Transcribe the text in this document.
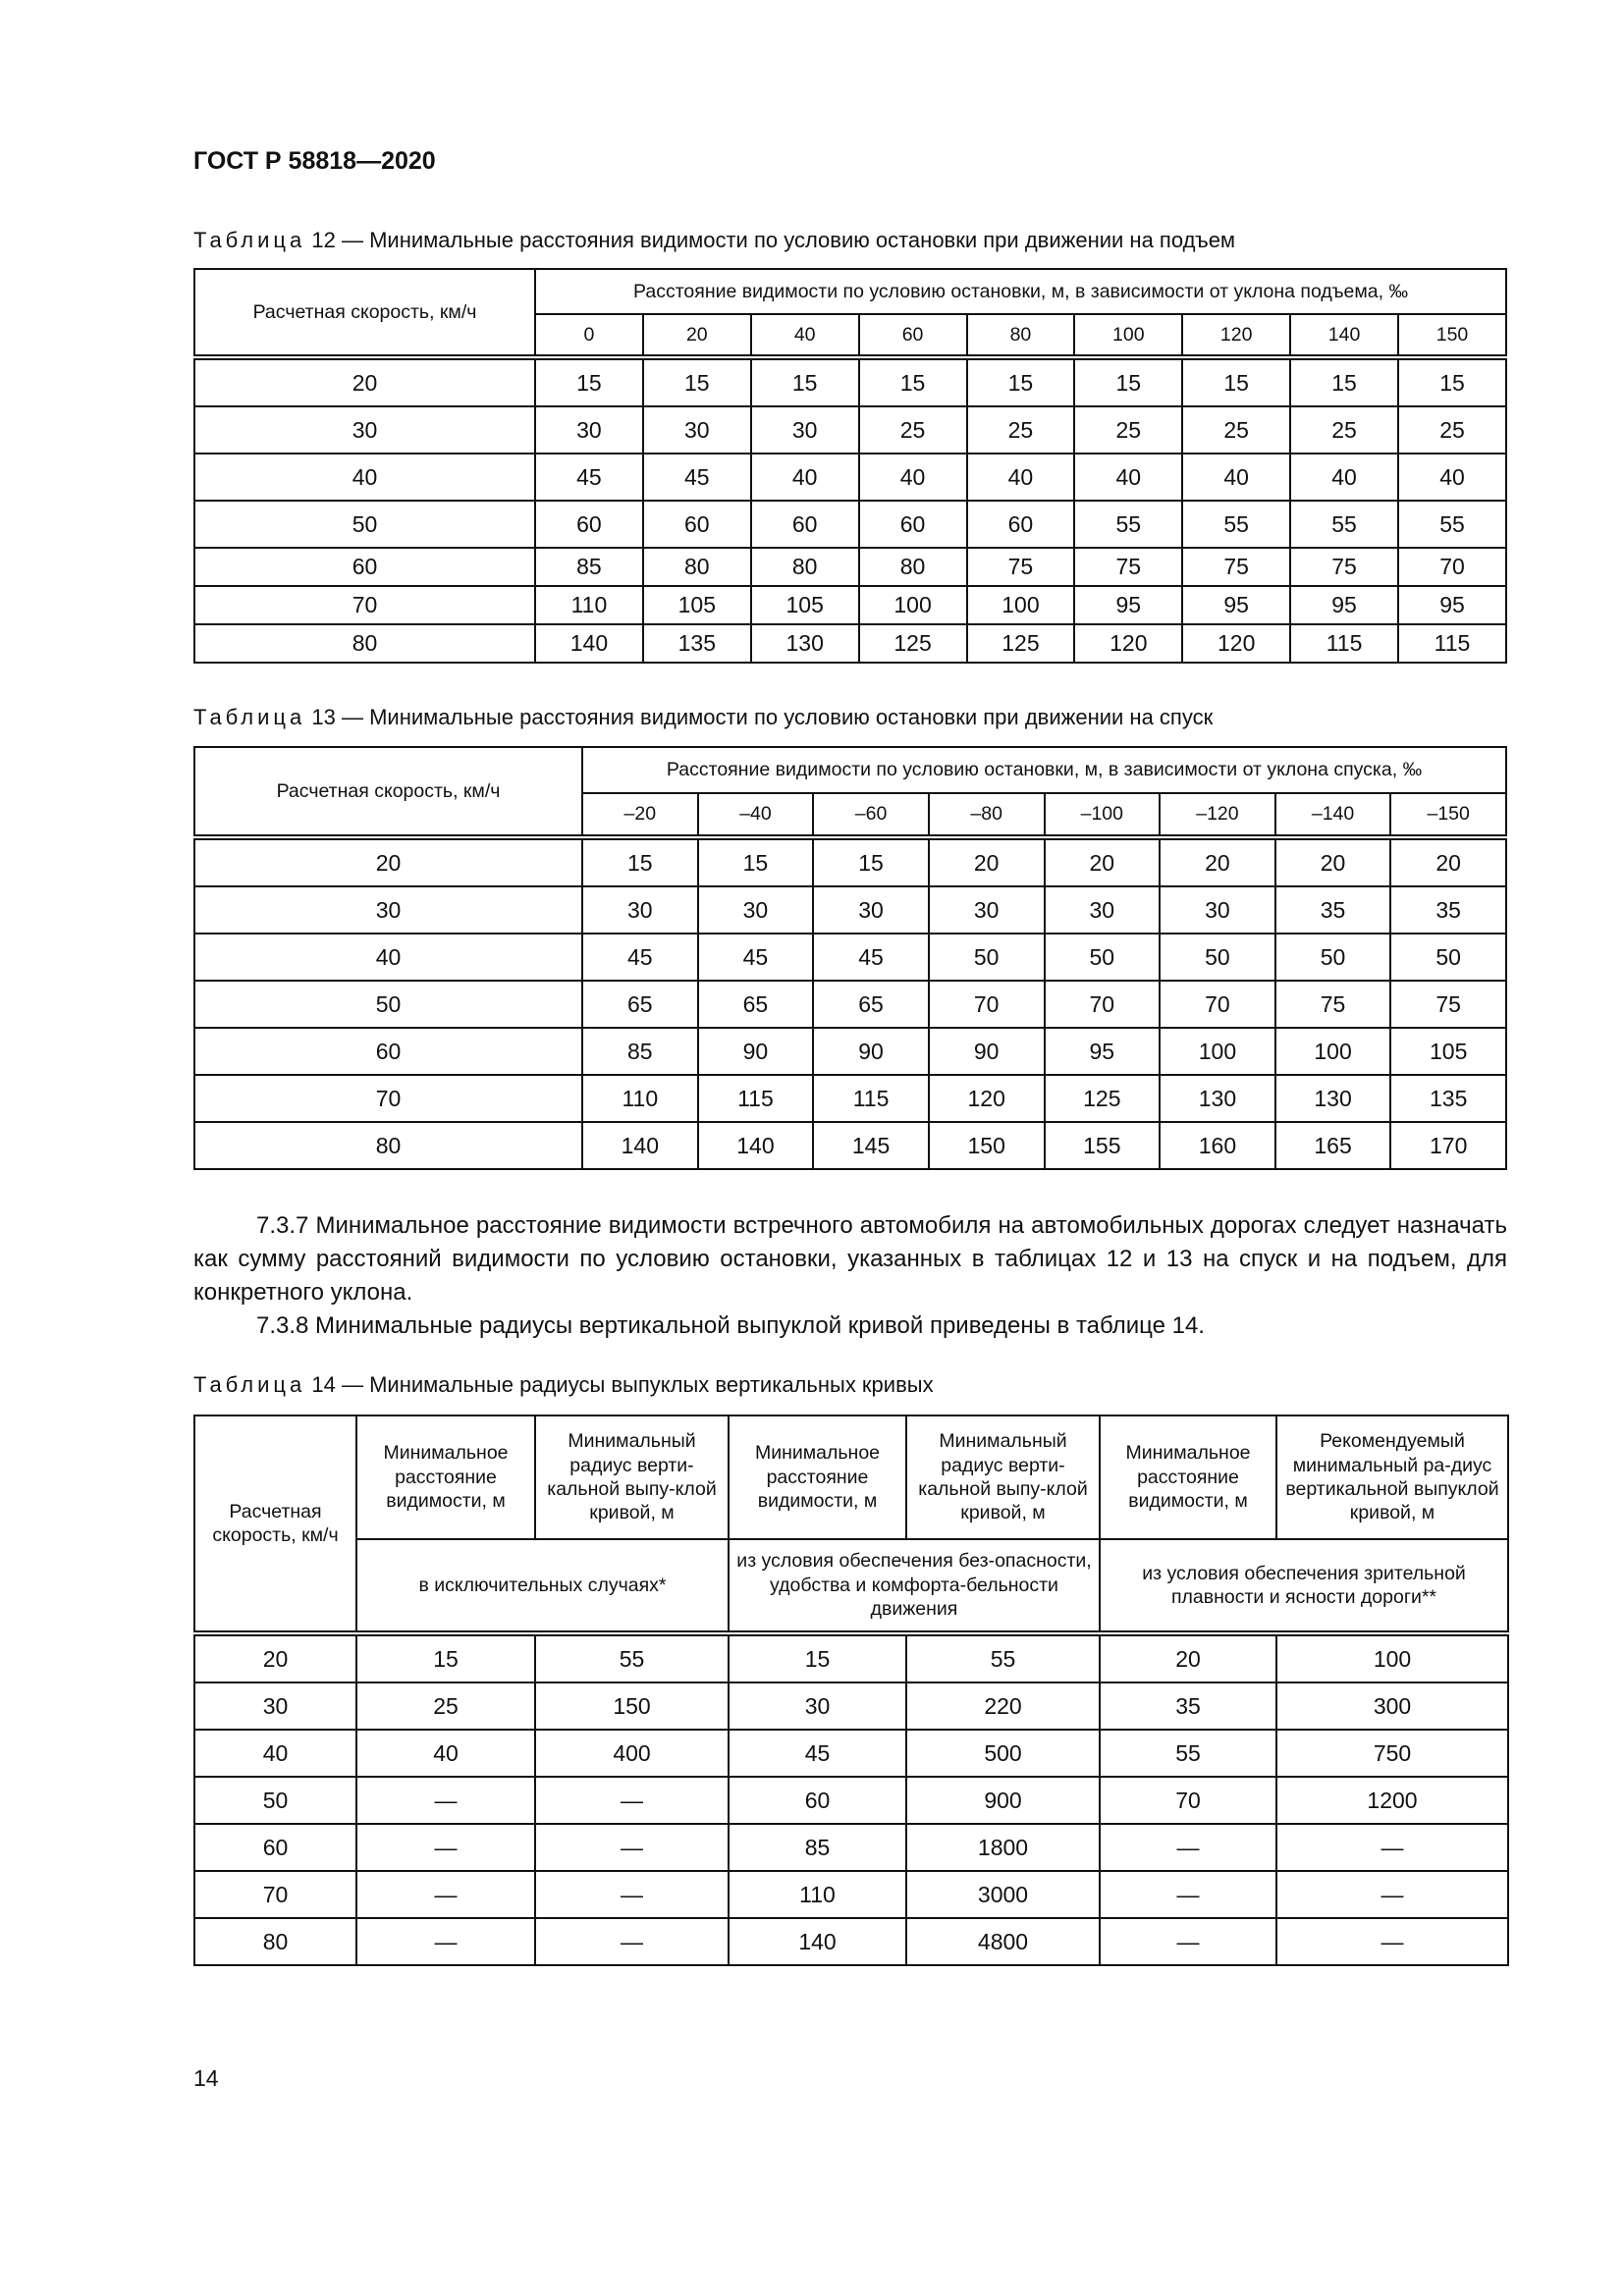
ГОСТ Р 58818—2020
Таблица 12 — Минимальные расстояния видимости по условию остановки при движении на подъем
Расчетная скорость, км/ч	Расстояние видимости по условию остановки, м, в зависимости от уклона подъема, ‰								
	0	20	40	60	80	100	120	140	150
20	15	15	15	15	15	15	15	15	15
30	30	30	30	25	25	25	25	25	25
40	45	45	40	40	40	40	40	40	40
50	60	60	60	60	60	55	55	55	55
60	85	80	80	80	75	75	75	75	70
70	110	105	105	100	100	95	95	95	95
80	140	135	130	125	125	120	120	115	115
Таблица 13 — Минимальные расстояния видимости по условию остановки при движении на спуск
Расчетная скорость, км/ч	Расстояние видимости по условию остановки, м, в зависимости от уклона спуска, ‰							
	–20	–40	–60	–80	–100	–120	–140	–150
20	15	15	15	20	20	20	20	20
30	30	30	30	30	30	30	35	35
40	45	45	45	50	50	50	50	50
50	65	65	65	70	70	70	75	75
60	85	90	90	90	95	100	100	105
70	110	115	115	120	125	130	130	135
80	140	140	145	150	155	160	165	170

7.3.7 Минимальное расстояние видимости встречного автомобиля на автомобильных дорогах следует назначать как сумму расстояний видимости по условию остановки, указанных в таблицах 12 и 13 на спуск и на подъем, для конкретного уклона.

7.3.8 Минимальные радиусы вертикальной выпуклой кривой приведены в таблице 14.

Таблица 14 — Минимальные радиусы выпуклых вертикальных кривых
Расчетная скорость, км/ч	Минимальное расстояние видимости, м	Минимальный радиус верти-кальной выпу-клой кривой, м	Минимальное расстояние видимости, м	Минимальный радиус верти-кальной выпу-клой кривой, м	Минимальное расстояние видимости, м	Рекомендуемый минимальный ра-диус вертикальной выпуклой кривой, м
	в исключительных случаях*		из условия обеспечения без-опасности, удобства и комфорта-бельности движения		из условия обеспечения зрительной плавности и ясности дороги**	
20	15	55	15	55	20	100
30	25	150	30	220	35	300
40	40	400	45	500	55	750
50	—	—	60	900	70	1200
60	—	—	85	1800	—	—
70	—	—	110	3000	—	—
80	—	—	140	4800	—	—
14
